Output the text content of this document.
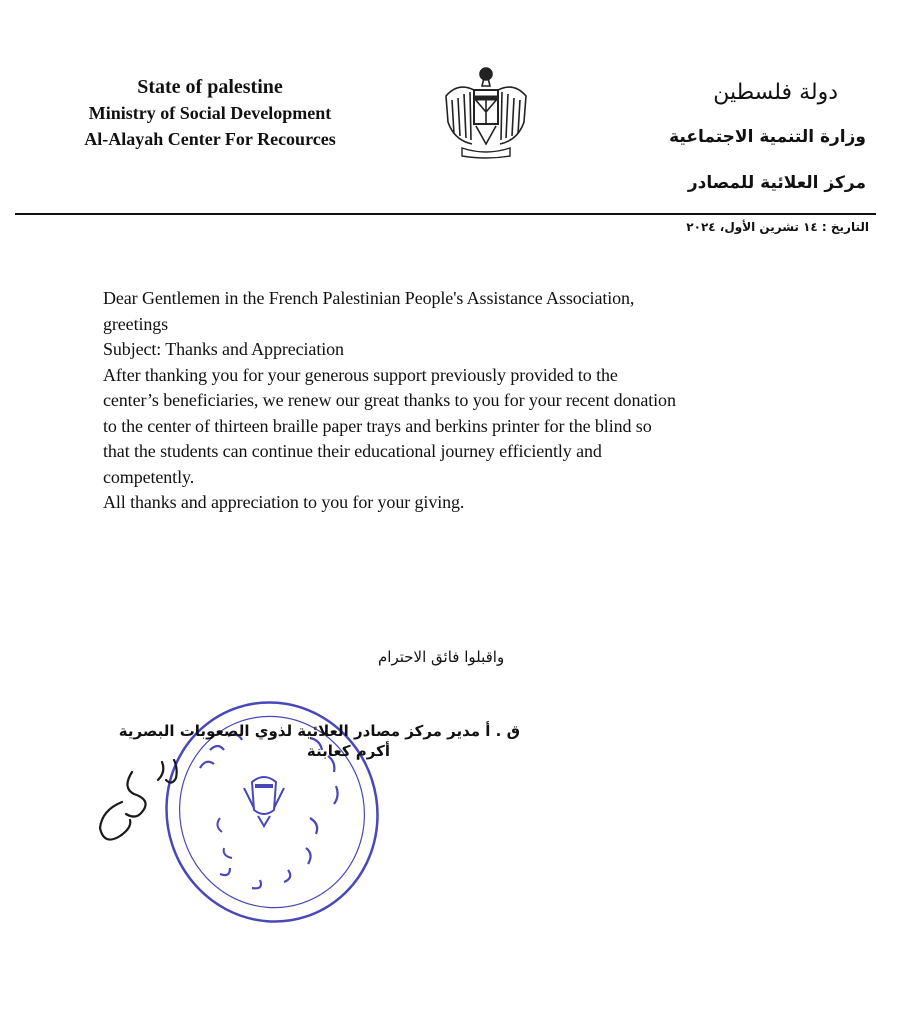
State of palestine
Ministry of Social Development
Al-Alayah Center For Recources
دولة فلسطين
وزارة التنمية الاجتماعية
مركز العلائية للمصادر
التاريخ : ١٤ تشرين الأول، ٢٠٢٤
Dear Gentlemen in the French Palestinian People's Assistance Association,
greetings
Subject: Thanks and Appreciation
After thanking you for your generous support previously provided to the
center’s beneficiaries, we renew our great thanks to you for your recent donation
to the center of thirteen braille paper trays and berkins printer for the blind so
that the students can continue their educational journey efficiently and
competently.
All thanks and appreciation to you for your giving.
واقبلوا فائق الاحترام
ق . أ مدير مركز مصادر العلائية لذوي الصعوبات البصرية
أكرم كعابنة
